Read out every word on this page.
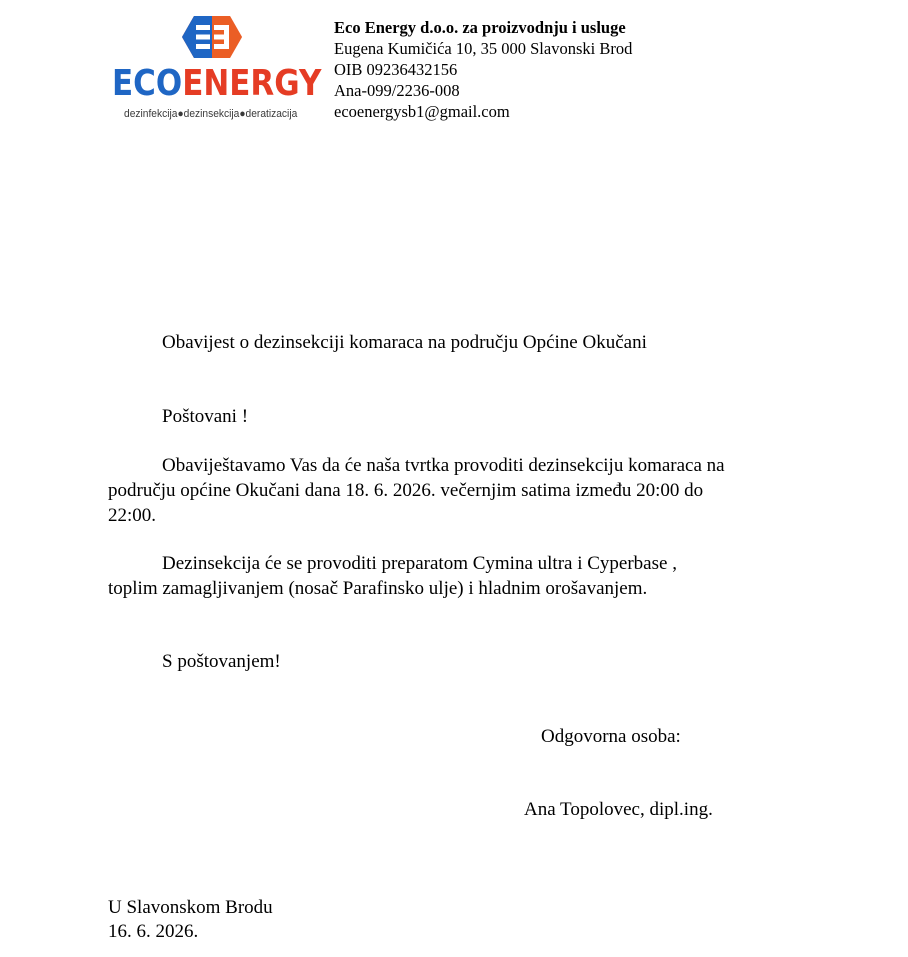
ECOENERGY
dezinfekcija●dezinsekcija●deratizacija
Eco Energy d.o.o. za proizvodnju i usluge
Eugena Kumičića 10, 35 000 Slavonski Brod
OIB 09236432156
Ana-099/2236-008
ecoenergysb1@gmail.com
Obavijest o dezinsekciji komaraca na području Općine Okučani
Poštovani !
Obaviještavamo Vas da će naša tvrtka provoditi dezinsekciju komaraca na
području općine Okučani dana 18. 6. 2026. večernjim satima između 20:00 do
22:00.
Dezinsekcija će se provoditi preparatom Cymina ultra i Cyperbase ,
toplim zamagljivanjem (nosač Parafinsko ulje) i hladnim orošavanjem.
S poštovanjem!
Odgovorna osoba:
Ana Topolovec, dipl.ing.
U Slavonskom Brodu
16. 6. 2026.
